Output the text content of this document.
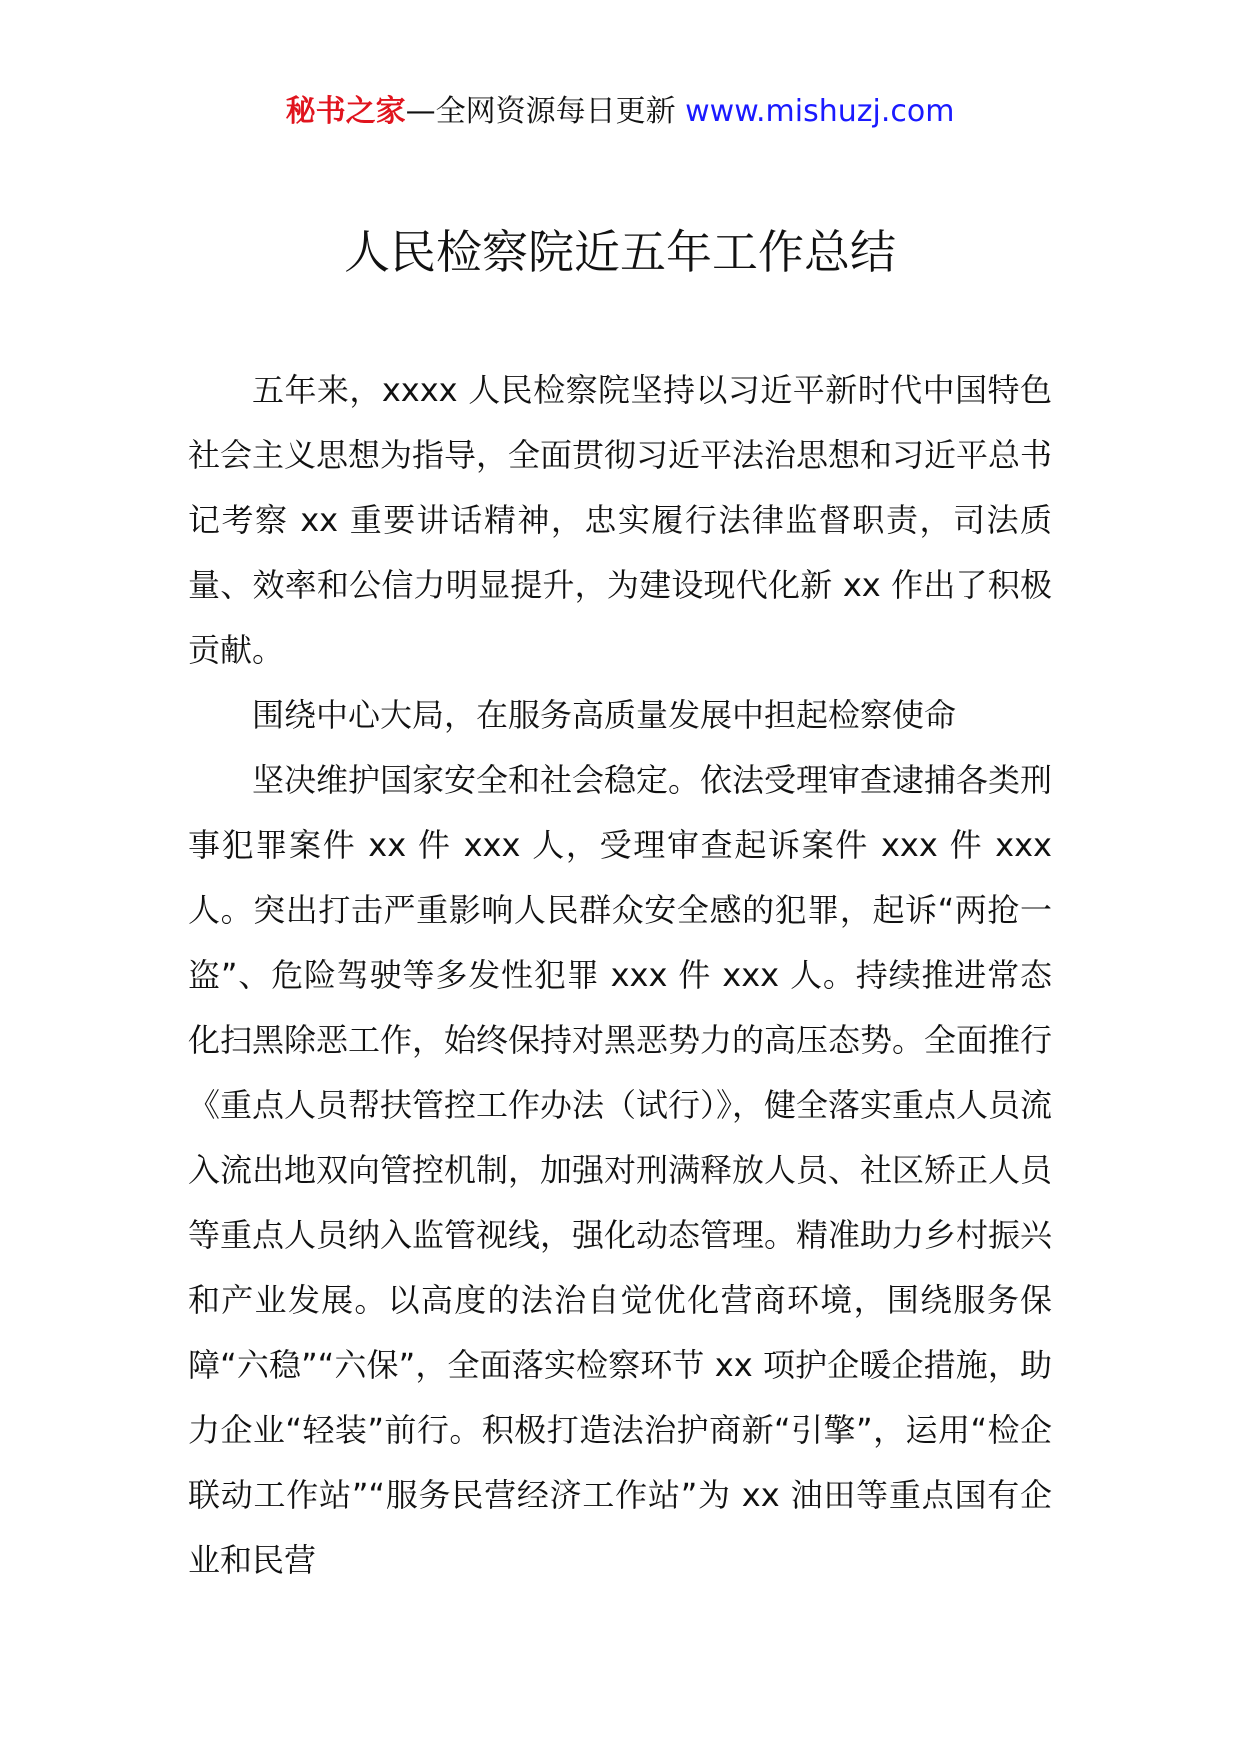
秘书之家—全网资源每日更新 www.mishuzj.com
人民检察院近五年工作总结

五年来，xxxx 人民检察院坚持以习近平新时代中国特色社会主义思想为指导，全面贯彻习近平法治思想和习近平总书记考察 xx 重要讲话精神，忠实履行法律监督职责，司法质量、效率和公信力明显提升，为建设现代化新 xx 作出了积极贡献。

围绕中心大局，在服务高质量发展中担起检察使命

坚决维护国家安全和社会稳定。依法受理审查逮捕各类刑事犯罪案件 xx 件 xxx 人，受理审查起诉案件 xxx 件 xxx 人。突出打击严重影响人民群众安全感的犯罪，起诉“两抢一盗”、危险驾驶等多发性犯罪 xxx 件 xxx 人。持续推进常态化扫黑除恶工作，始终保持对黑恶势力的高压态势。全面推行《重点人员帮扶管控工作办法（试行）》，健全落实重点人员流入流出地双向管控机制，加强对刑满释放人员、社区矫正人员等重点人员纳入监管视线，强化动态管理。精准助力乡村振兴和产业发展。以高度的法治自觉优化营商环境，围绕服务保障“六稳”“六保”，全面落实检察环节 xx 项护企暖企措施，助力企业“轻装”前行。积极打造法治护商新“引擎”，运用“检企联动工作站”“服务民营经济工作站”为 xx 油田等重点国有企业和民营
